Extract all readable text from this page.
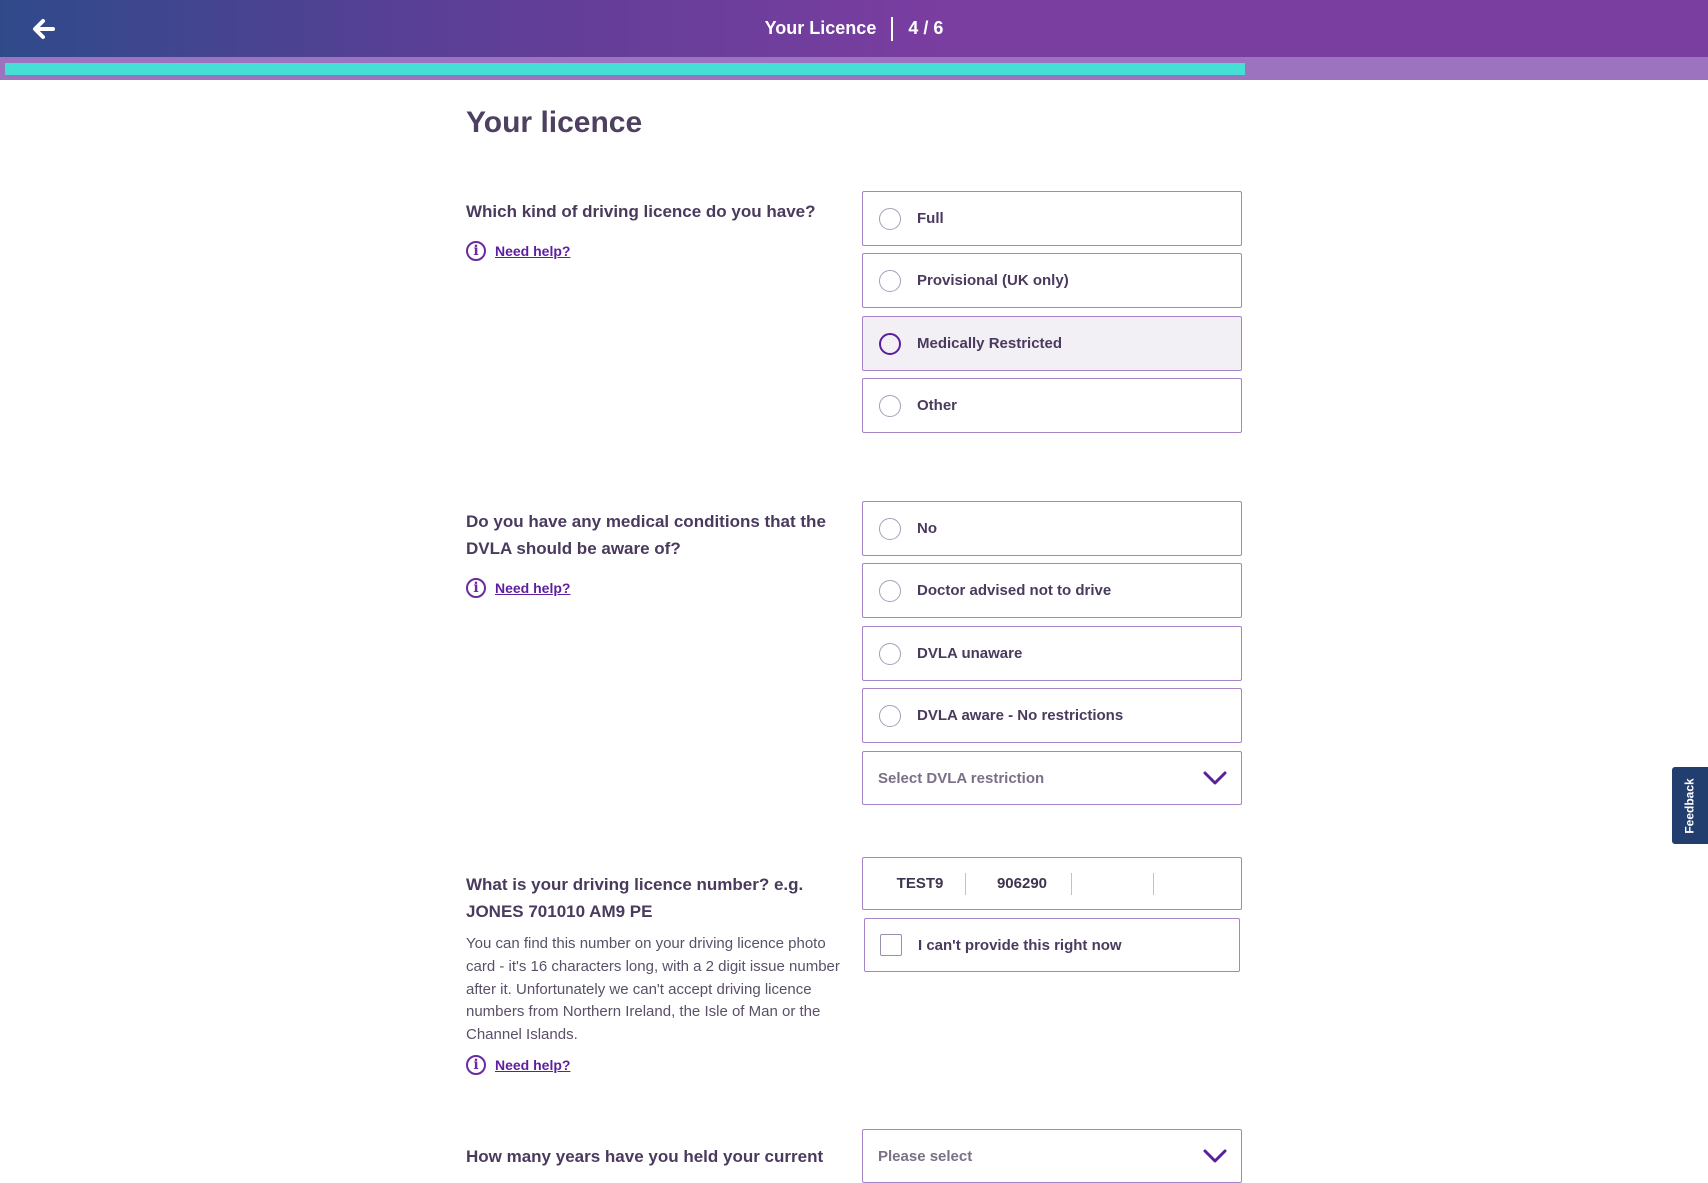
Your Licence 4 / 6
Your licence
Which kind of driving licence do you have?
i	Need help?
Full
Provisional (UK only)
Medically Restricted
Other
Do you have any medical conditions that the DVLA should be aware of?
i	Need help?
No
Doctor advised not to drive
DVLA unaware
DVLA aware - No restrictions
Select DVLA restriction
What is your driving licence number? e.g. JONES 701010 AM9 PE
You can find this number on your driving licence photo card - it's 16 characters long, with a 2 digit issue number after it. Unfortunately we can't accept driving licence numbers from Northern Ireland, the Isle of Man or the Channel Islands.
i	Need help?
TEST9
906290
I can't provide this right now
How many years have you held your current	Please select
Feedback
